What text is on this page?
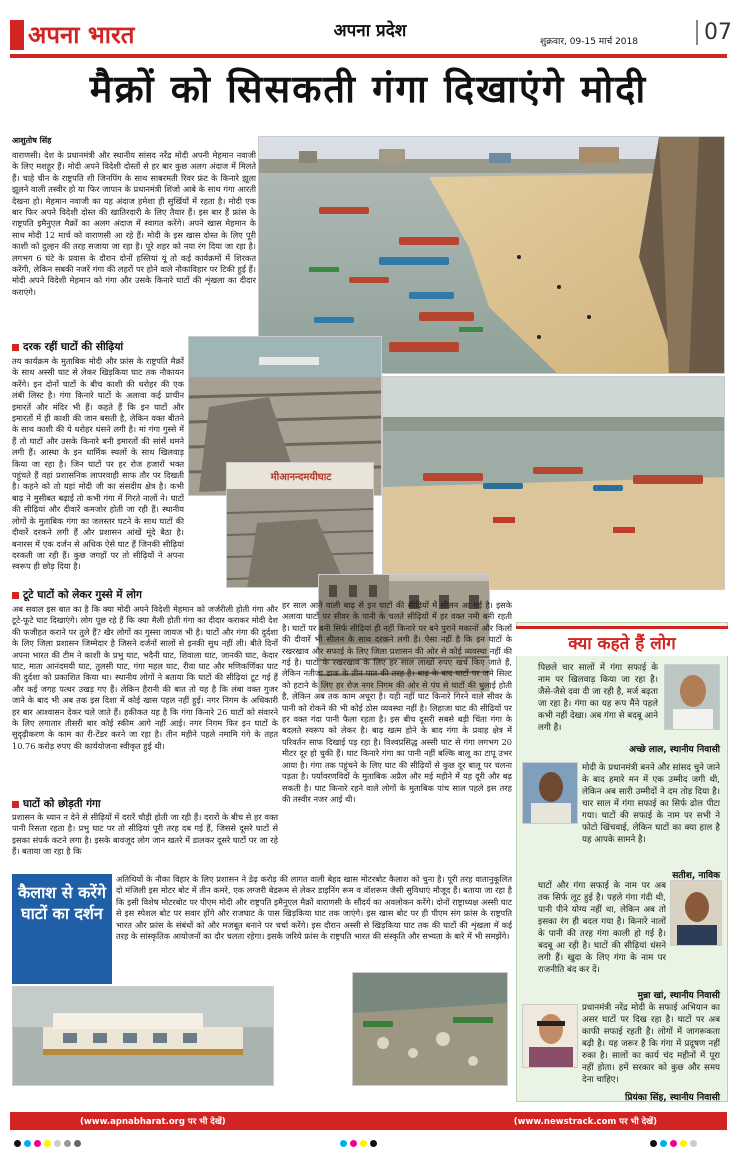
अपना भारत	अपना प्रदेश
शुक्रवार, 09-15 मार्च 2018	07
मैक्रों को सिसकती गंगा दिखाएंगे मोदी
आशुतोष सिंह
वाराणसी। देश के प्रधानमंत्री और स्थानीय सांसद नरेंद्र मोदी अपनी मेहमान नवाजी के लिए मशहूर हैं। मोदी अपने विदेशी दोस्तों से हर बार कुछ अलग अंदाज में मिलते हैं। चाहे चीन के राष्ट्रपति शी जिनपिंग के साथ साबरमती रिवर फ्रंट के किनारे झूला झूलने वाली तस्वीर हो या फिर जापान के प्रधानमंत्री शिंजो आबे के साथ गंगा आरती देखना हो। मेहमान नवाजी का यह अंदाज हमेशा ही सुर्खियों में रहता है। मोदी एक बार फिर अपने विदेशी दोस्त की खातिरदारी के लिए तैयार हैं। इस बार हैं फ्रांस के राष्ट्रपति इमैनुएल मैक्रों का अलग अंदाज में स्वागत करेंगे। अपने खास मेहमान के साथ मोदी 12 मार्च को वाराणसी आ रहे हैं। मोदी के इस खास दोस्त के लिए पूरी काशी को दुल्हन की तरह सजाया जा रहा है। पूरे शहर को नया रंग दिया जा रहा है। लगभग 6 घंटे के प्रवास के दौरान दोनों हस्तियां यूं तो कई कार्यक्रमों में शिरकत करेंगी, लेकिन सबकी नजरें गंगा की लहरों पर होने वाले नौकाविहार पर टिकी हुई हैं। मोदी अपने विदेशी मेहमान को गंगा और उसके किनारे घाटों की शृंखला का दीदार कराएंगे।
दरक रहीं घाटों की सीढ़ियां
तय कार्यक्रम के मुताबिक मोदी और फ्रांस के राष्ट्रपति मैक्रों के साथ अस्सी घाट से लेकर खिड़किया घाट तक नौकायन करेंगे। इन दोनों घाटों के बीच काशी की धरोहर की एक लंबी लिस्ट है। गंगा किनारे घाटों के अलावा कई प्राचीन इमारतें और मंदिर भी हैं। कहते हैं कि इन घाटों और इमारतों में ही काशी की जान बसती है, लेकिन वक्त बीतने के साथ काशी की ये धरोहर धंसने लगी है। मां गंगा गुस्से में हैं तो घाटों और उसके किनारे बनी इमारतों की सांसें थमने लगी हैं। आस्था के इन धार्मिक स्थलों के साथ खिलवाड़ किया जा रहा है। जिन घाटों पर हर रोज हजारों भक्त पहुंचते हैं वहां प्रशासनिक लापरवाही साफ तौर पर दिखती है। कहने को तो यहां मोदी जी का संसदीय क्षेत्र है। कभी बाढ़ ने मुसीबत बढ़ाई तो कभी गंगा में गिरते नालों ने। घाटों की सीढ़ियां और दीवारें कमजोर होती जा रही हैं। स्थानीय लोगों के मुताबिक गंगा का जलस्तर घटने के साथ घाटों की दीवारें दरकने लगी हैं और प्रशासन आंखें मूंदे बैठा है। बनारस में एक दर्जन से अधिक ऐसे घाट हैं जिनकी सीढ़ियां दरकती जा रही हैं। कुछ जगहों पर तो सीढ़ियों ने अपना स्वरूप ही छोड़ दिया है।
मीआनन्दमयीघाट
टूटे घाटों को लेकर गुस्से में लोग
अब सवाल इस बात का है कि क्या मोदी अपने विदेशी मेहमान को जर्जरीली होती गंगा और टूटे-फूटे घाट दिखाएंगे। लोग पूछ रहे हैं कि क्या मैली होती गंगा का दीदार कराकर मोदी देश की फजीहत कराने पर तुले हैं? खैर लोगों का गुस्सा जायज भी है। घाटों और गंगा की दुर्दशा के लिए जिला प्रशासन जिम्मेदार है जिसने दर्जनों सालों से इनकी सुध नहीं ली। बीते दिनों अपना भारत की टीम ने काशी के प्रभु घाट, भदैनी घाट, शिवाला घाट, जानकी घाट, केदार घाट, माता आनंदमयी घाट, तुलसी घाट, गंगा महल घाट, रीवा घाट और मणिकर्णिका घाट की दुर्दशा को प्रकाशित किया था। स्थानीय लोगों ने बताया कि घाटों की सीढ़ियां टूट गई हैं और कई जगह पत्थर उखड़ गए हैं। लेकिन हैरानी की बात तो यह है कि लंबा वक्त गुजर जाने के बाद भी अब तक इस दिशा में कोई खास पहल नहीं हुई। नगर निगम के अधिकारी हर बार आश्वासन देकर चले जाते हैं। हकीकत यह है कि गंगा किनारे 26 घाटों को संवारने के लिए लगातार तीसरी बार कोई स्कीम आगे नहीं आई। नगर निगम फिर इन घाटों के सुदृढ़ीकरण के काम का री-टेंडर करने जा रहा है। तीन महीने पहले नमामि गंगे के तहत 10.76 करोड़ रुपए की कार्ययोजना स्वीकृत हुई थी।
हर साल आने वाली बाढ़ से इन घाटों की सीढ़ियों में सीलन आ गई है। इसके अलावा घाटों पर सीवर के पानी के चलते सीढ़ियों में हर वक्त नमी बनी रहती है। घाटों पर बनी सिर्फ सीढ़ियां ही नहीं किनारे पर बने पुराने मकानों और किलों की दीवारें भी सीलन के साथ दरकने लगी हैं। ऐसा नहीं है कि इन घाटों के रखरखाव और सफाई के लिए जिला प्रशासन की ओर से कोई व्यवस्था नहीं की गई है। घाटों के रखरखाव के लिए हर साल लाखों रुपए खर्च किए जाते हैं, लेकिन नतीजा ढाक के तीन पात की तरह है। बाढ़ के बाद घाटों पर जमे सिल्ट को हटाने के लिए हर रोज नगर निगम की ओर से पंप से घाटों की धुलाई होती है, लेकिन अब तक काम अधूरा है। यही नहीं घाट किनारे गिरने वाले सीवर के पानी को रोकने की भी कोई ठोस व्यवस्था नहीं है। लिहाजा घाट की सीढ़ियों पर हर वक्त गंदा पानी फैला रहता है। इस बीच दूसरी सबसे बड़ी चिंता गंगा के बदलते स्वरूप को लेकर है। बाढ़ खत्म होने के बाद गंगा के प्रवाह क्षेत्र में परिवर्तन साफ दिखाई पड़ रहा है। विश्वप्रसिद्ध अस्सी घाट से गंगा लगभग 20 मीटर दूर हो चुकी हैं। घाट किनारे गंगा का पानी नहीं बल्कि बालू का टापू उभर आया है। गंगा तक पहुंचने के लिए घाट की सीढ़ियों से कुछ दूर बालू पर चलना पड़ता है। पर्यावरणविदों के मुताबिक अप्रैल और मई महीने में यह दूरी और बढ़ सकती है। घाट किनारे रहने वाले लोगों के मुताबिक पांच साल पहले इस तरह की तस्वीर नजर आई थी।
घाटों को छोड़ती गंगा
प्रशासन के ध्यान न देने से सीढ़ियों में दरारें चौड़ी होती जा रही हैं। दरारों के बीच से हर वक्त पानी रिसता रहता है। प्रभु घाट पर तो सीढ़ियां पूरी तरह दब गई हैं, जिससे दूसरे घाटों से इसका संपर्क कटने लगा है। इसके बावजूद लोग जान खतरे में डालकर दूसरे घाटों पर जा रहे हैं। बताया जा रहा है कि
कैलाश से करेंगे घाटों का दर्शन
अतिथियों के नौका विहार के लिए प्रशासन ने डेढ़ करोड़ की लागत वाली बेहद खास मोटरबोट कैलाश को चुना है। पूरी तरह वातानुकूलित दो मंजिली इस मोटर बोट में तीन कमरे, एक लग्जरी बेडरूम से लेकर डाइनिंग रूम व वॉशरूम जैसी सुविधाएं मौजूद हैं। बताया जा रहा है कि इसी विशेष मोटरबोट पर पीएम मोदी और राष्ट्रपति इमैनुएल मैक्रों वाराणसी के सौंदर्य का अवलोकन करेंगे। दोनों राष्ट्राध्यक्ष अस्सी घाट से इस स्पेशल बोट पर सवार होंगे और राजघाट के पास खिड़किया घाट तक जाएंगे। इस खास बोट पर ही पीएम संग फ्रांस के राष्ट्रपति भारत और फ्रांस के संबंधों को और मजबूत बनाने पर चर्चा करेंगे। इस दौरान अस्सी से खिड़किया घाट तक की घाटों की शृंखला में कई तरह के सांस्कृतिक आयोजनों का दौर चलता रहेगा। इसके जरिये फ्रांस के राष्ट्रपति भारत की संस्कृति और सभ्यता के बारे में भी समझेंगे।
क्या कहते हैं लोग
पिछले चार सालों में गंगा सफाई के नाम पर खिलवाड़ किया जा रहा है। जैसे-जैसे दवा दी जा रही है, मर्ज बढ़ता जा रहा है। गंगा का यह रूप मैंने पहले कभी नहीं देखा। अब गंगा से बदबू आने लगी है।
अच्छे लाल, स्थानीय निवासी
मोदी के प्रधानमंत्री बनने और सांसद चुने जाने के बाद हमारे मन में एक उम्मीद जगी थी, लेकिन अब सारी उम्मीदों ने दम तोड़ दिया है। चार साल में गंगा सफाई का सिर्फ ढोल पीटा गया। घाटों की सफाई के नाम पर सभी ने फोटो खिंचवाई, लेकिन घाटों का क्या हाल है यह आपके सामने है।
सतीश, नाविक
घाटों और गंगा सफाई के नाम पर अब तक सिर्फ लूट हुई है। पहले गंगा गंदी थी, पानी पीने योग्य नहीं था, लेकिन अब तो इसका रंग ही बदल गया है। किनारे नालों के पानी की तरह गंगा काली हो गई है। बदबू आ रही है। घाटों की सीढ़ियां धंसने लगी हैं। खुदा के लिए गंगा के नाम पर राजनीति बंद कर दें।
मुन्ना खां, स्थानीय निवासी
प्रधानमंत्री नरेंद्र मोदी के सफाई अभियान का असर घाटों पर दिख रहा है। घाटों पर अब काफी सफाई रहती है। लोगों में जागरूकता बढ़ी है। यह जरूर है कि गंगा में प्रदूषण नहीं रुका है। सालों का कार्य चंद महीनों में पूरा नहीं होता। हमें सरकार को कुछ और समय देना चाहिए।
प्रियंका सिंह, स्थानीय निवासी
(www.apnabharat.org पर भी देखें)	(www.newstrack.com पर भी देखें)
